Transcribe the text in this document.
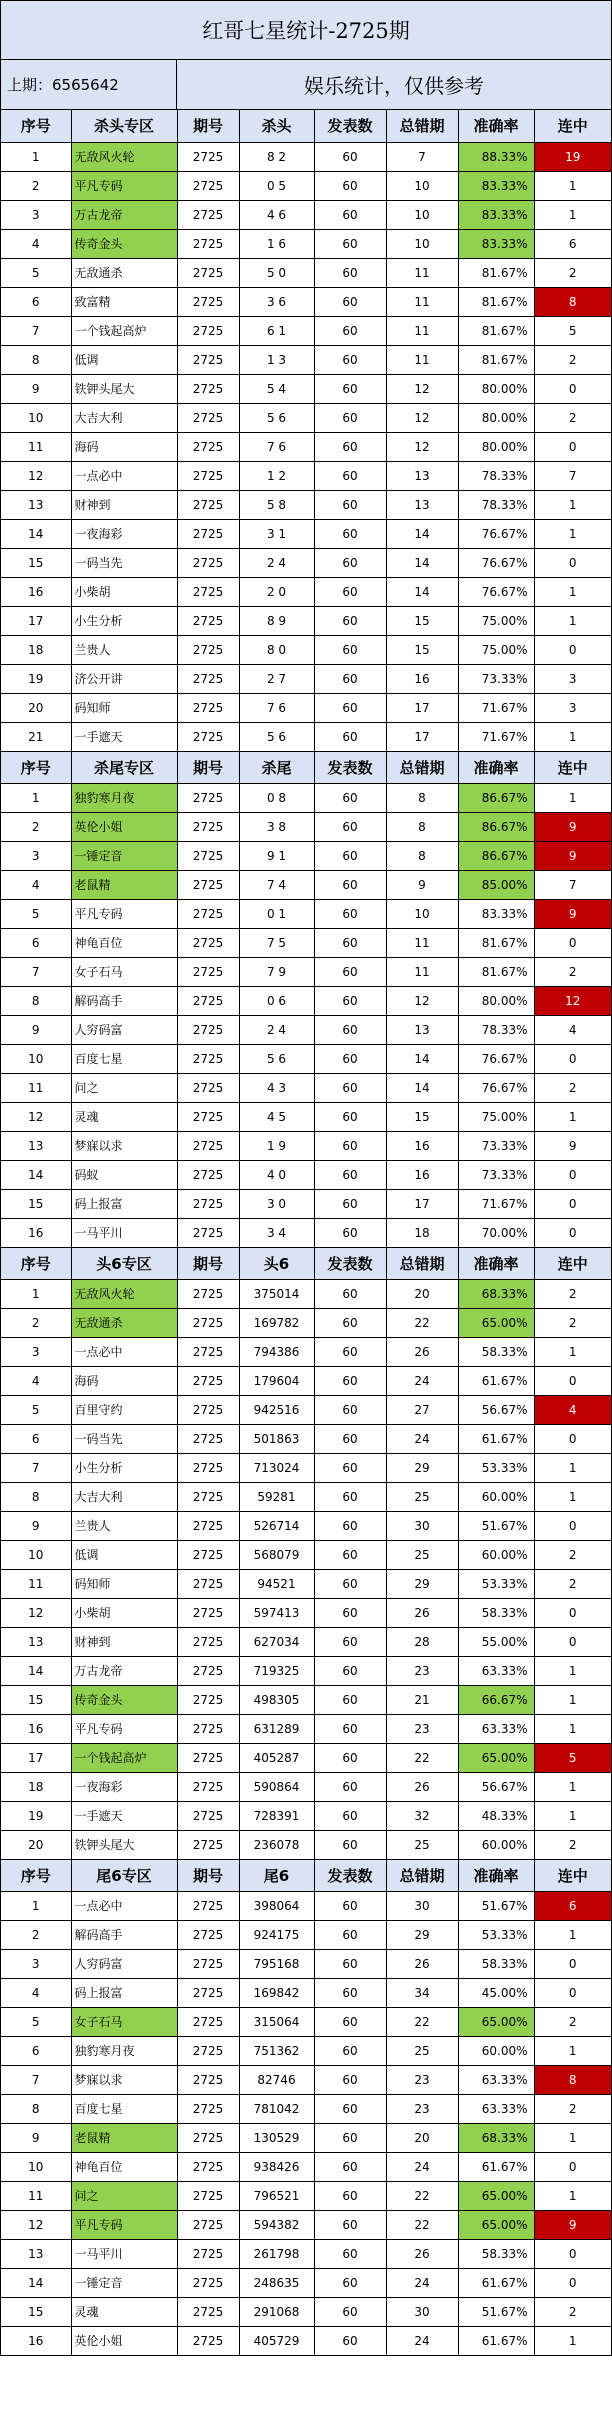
红哥七星统计-2725期
上期：6565642	娱乐统计，仅供参考
序号	杀头专区	期号	杀头	发表数	总错期	准确率	连中
1	无敌风火轮	2725	8 2	60	7	88.33%	19
2	平凡专码	2725	0 5	60	10	83.33%	1
3	万古龙帝	2725	4 6	60	10	83.33%	1
4	传奇金头	2725	1 6	60	10	83.33%	6
5	无敌通杀	2725	5 0	60	11	81.67%	2
6	致富精	2725	3 6	60	11	81.67%	8
7	一个钱起高炉	2725	6 1	60	11	81.67%	5
8	低调	2725	1 3	60	11	81.67%	2
9	铁钾头尾大	2725	5 4	60	12	80.00%	0
10	大吉大利	2725	5 6	60	12	80.00%	2
11	海码	2725	7 6	60	12	80.00%	0
12	一点必中	2725	1 2	60	13	78.33%	7
13	财神到	2725	5 8	60	13	78.33%	1
14	一夜海彩	2725	3 1	60	14	76.67%	1
15	一码当先	2725	2 4	60	14	76.67%	0
16	小柴胡	2725	2 0	60	14	76.67%	1
17	小生分析	2725	8 9	60	15	75.00%	1
18	兰贵人	2725	8 0	60	15	75.00%	0
19	济公开讲	2725	2 7	60	16	73.33%	3
20	码知师	2725	7 6	60	17	71.67%	3
21	一手遮天	2725	5 6	60	17	71.67%	1
序号	杀尾专区	期号	杀尾	发表数	总错期	准确率	连中
1	独豹寒月夜	2725	0 8	60	8	86.67%	1
2	英伦小姐	2725	3 8	60	8	86.67%	9
3	一锤定音	2725	9 1	60	8	86.67%	9
4	老鼠精	2725	7 4	60	9	85.00%	7
5	平凡专码	2725	0 1	60	10	83.33%	9
6	神龟百位	2725	7 5	60	11	81.67%	0
7	女子石马	2725	7 9	60	11	81.67%	2
8	解码高手	2725	0 6	60	12	80.00%	12
9	人穷码富	2725	2 4	60	13	78.33%	4
10	百度七星	2725	5 6	60	14	76.67%	0
11	问之	2725	4 3	60	14	76.67%	2
12	灵魂	2725	4 5	60	15	75.00%	1
13	梦寐以求	2725	1 9	60	16	73.33%	9
14	码蚁	2725	4 0	60	16	73.33%	0
15	码上报富	2725	3 0	60	17	71.67%	0
16	一马平川	2725	3 4	60	18	70.00%	0
序号	头6专区	期号	头6	发表数	总错期	准确率	连中
1	无敌风火轮	2725	375014	60	20	68.33%	2
2	无敌通杀	2725	169782	60	22	65.00%	2
3	一点必中	2725	794386	60	26	58.33%	1
4	海码	2725	179604	60	24	61.67%	0
5	百里守约	2725	942516	60	27	56.67%	4
6	一码当先	2725	501863	60	24	61.67%	0
7	小生分析	2725	713024	60	29	53.33%	1
8	大吉大利	2725	59281	60	25	60.00%	1
9	兰贵人	2725	526714	60	30	51.67%	0
10	低调	2725	568079	60	25	60.00%	2
11	码知师	2725	94521	60	29	53.33%	2
12	小柴胡	2725	597413	60	26	58.33%	0
13	财神到	2725	627034	60	28	55.00%	0
14	万古龙帝	2725	719325	60	23	63.33%	1
15	传奇金头	2725	498305	60	21	66.67%	1
16	平凡专码	2725	631289	60	23	63.33%	1
17	一个钱起高炉	2725	405287	60	22	65.00%	5
18	一夜海彩	2725	590864	60	26	56.67%	1
19	一手遮天	2725	728391	60	32	48.33%	1
20	铁钾头尾大	2725	236078	60	25	60.00%	2
序号	尾6专区	期号	尾6	发表数	总错期	准确率	连中
1	一点必中	2725	398064	60	30	51.67%	6
2	解码高手	2725	924175	60	29	53.33%	1
3	人穷码富	2725	795168	60	26	58.33%	0
4	码上报富	2725	169842	60	34	45.00%	0
5	女子石马	2725	315064	60	22	65.00%	2
6	独豹寒月夜	2725	751362	60	25	60.00%	1
7	梦寐以求	2725	82746	60	23	63.33%	8
8	百度七星	2725	781042	60	23	63.33%	2
9	老鼠精	2725	130529	60	20	68.33%	1
10	神龟百位	2725	938426	60	24	61.67%	0
11	问之	2725	796521	60	22	65.00%	1
12	平凡专码	2725	594382	60	22	65.00%	9
13	一马平川	2725	261798	60	26	58.33%	0
14	一锤定音	2725	248635	60	24	61.67%	0
15	灵魂	2725	291068	60	30	51.67%	2
16	英伦小姐	2725	405729	60	24	61.67%	1
